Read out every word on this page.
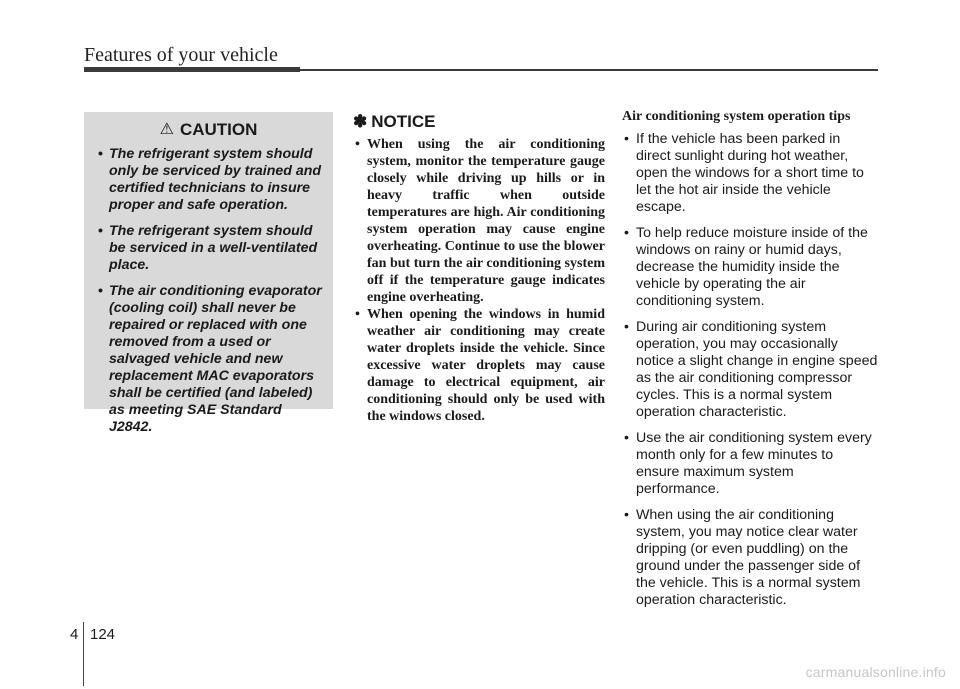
Features of your vehicle
⚠ CAUTION
• The refrigerant system should only be serviced by trained and certified technicians to insure proper and safe operation.
• The refrigerant system should be serviced in a well-ventilated place.
• The air conditioning evaporator (cooling coil) shall never be repaired or replaced with one removed from a used or salvaged vehicle and new replacement MAC evaporators shall be certified (and labeled) as meeting SAE Standard J2842.
✽ NOTICE
• When using the air conditioning system, monitor the temperature gauge closely while driving up hills or in heavy traffic when outside temperatures are high. Air conditioning system operation may cause engine overheating. Continue to use the blower fan but turn the air conditioning system off if the temperature gauge indicates engine overheating.
• When opening the windows in humid weather air conditioning may create water droplets inside the vehicle. Since excessive water droplets may cause damage to electrical equipment, air conditioning should only be used with the windows closed.
Air conditioning system operation tips
• If the vehicle has been parked in direct sunlight during hot weather, open the windows for a short time to let the hot air inside the vehicle escape.
• To help reduce moisture inside of the windows on rainy or humid days, decrease the humidity inside the vehicle by operating the air conditioning system.
• During air conditioning system operation, you may occasionally notice a slight change in engine speed as the air conditioning compressor cycles. This is a normal system operation characteristic.
• Use the air conditioning system every month only for a few minutes to ensure maximum system performance.
• When using the air conditioning system, you may notice clear water dripping (or even puddling) on the ground under the passenger side of the vehicle. This is a normal system operation characteristic.
4 124
carmanualsonline.info
